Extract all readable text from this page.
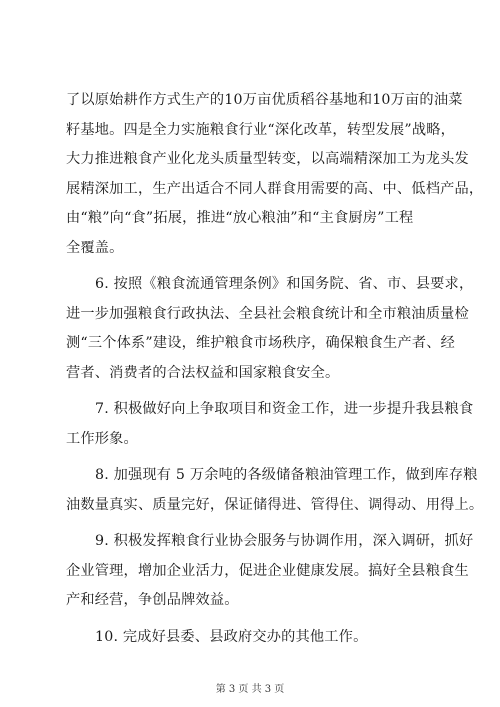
了以原始耕作方式生产的10万亩优质稻谷基地和10万亩的油菜
籽基地。四是全力实施粮食行业“深化改革，转型发展”战略，
大力推进粮食产业化龙头质量型转变，以高端精深加工为龙头发
展精深加工，生产出适合不同人群食用需要的高、中、低档产品，
由“粮”向“食”拓展，推进“放心粮油”和“主食厨房”工程
全覆盖。
6. 按照《粮食流通管理条例》和国务院、省、市、县要求，
进一步加强粮食行政执法、全县社会粮食统计和全市粮油质量检
测“三个体系”建设，维护粮食市场秩序，确保粮食生产者、经
营者、消费者的合法权益和国家粮食安全。
7. 积极做好向上争取项目和资金工作，进一步提升我县粮食
工作形象。
8. 加强现有 5 万余吨的各级储备粮油管理工作，做到库存粮
油数量真实、质量完好，保证储得进、管得住、调得动、用得上。
9. 积极发挥粮食行业协会服务与协调作用，深入调研，抓好
企业管理，增加企业活力，促进企业健康发展。搞好全县粮食生
产和经营，争创品牌效益。
10. 完成好县委、县政府交办的其他工作。
第 3 页 共 3 页
